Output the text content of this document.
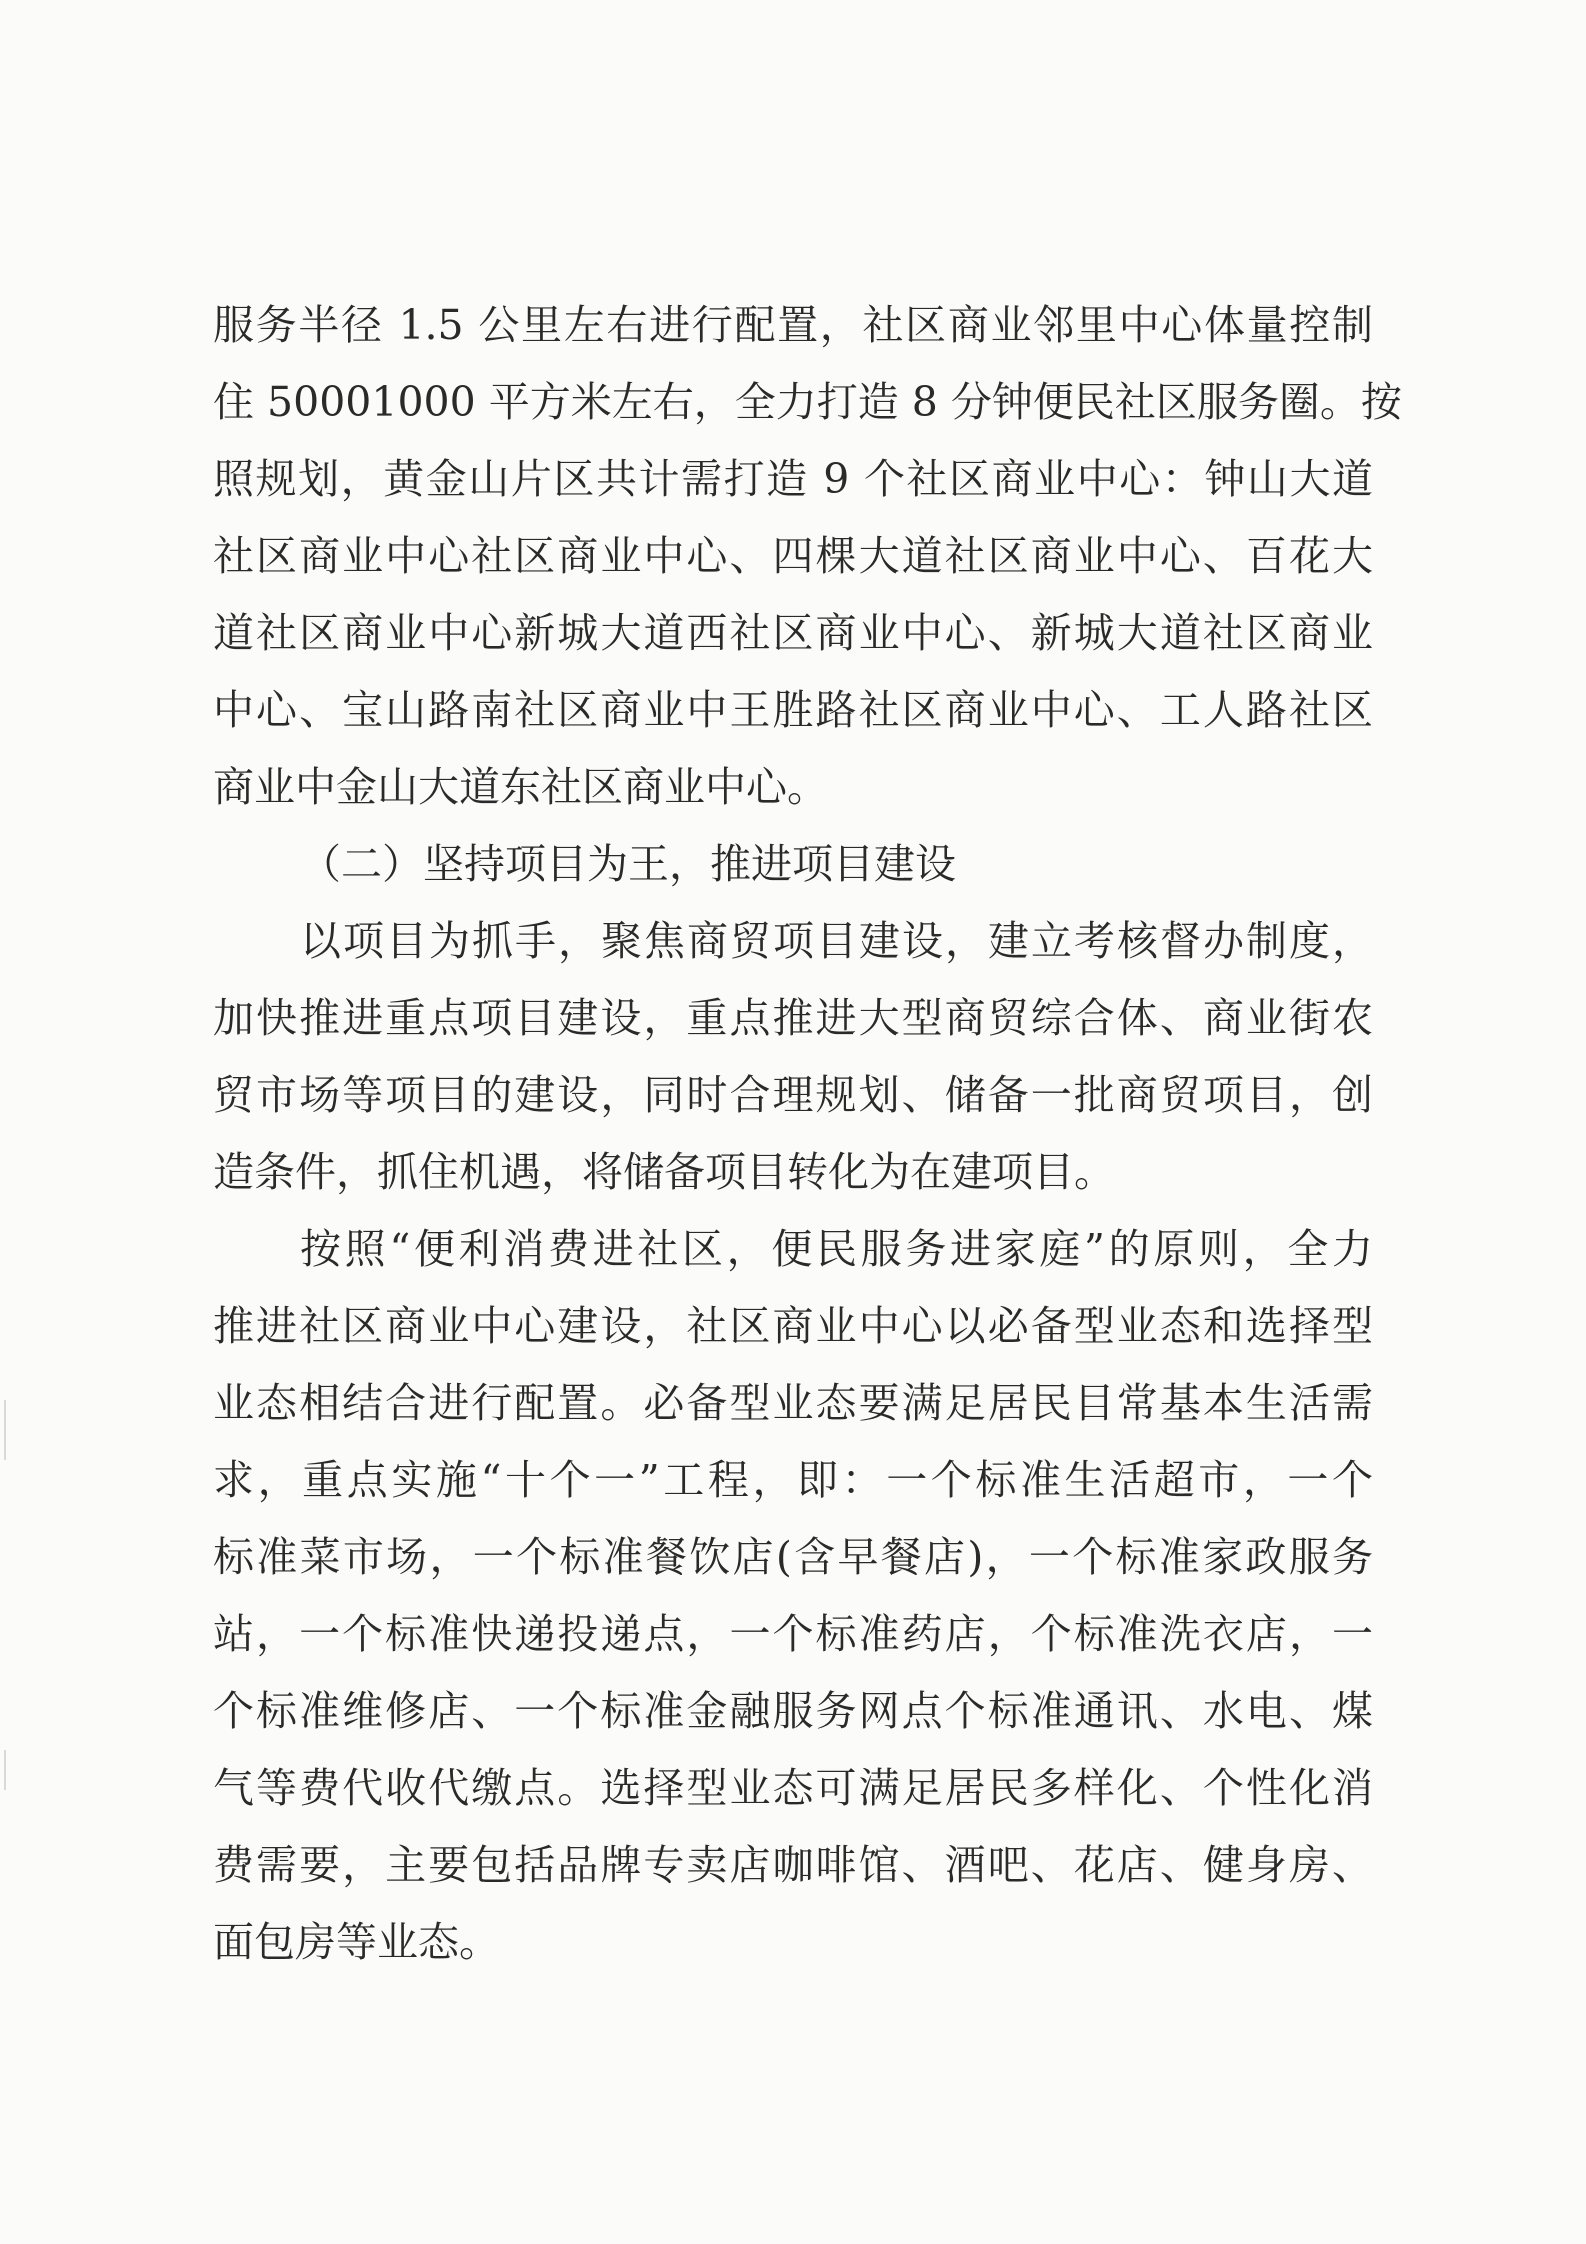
服务半径 1.5 公里左右进行配置，社区商业邻里中心体量控制
住 50001000 平方米左右，全力打造 8 分钟便民社区服务圈。按
照规划，黄金山片区共计需打造 9 个社区商业中心：钟山大道
社区商业中心社区商业中心、四棵大道社区商业中心、百花大
道社区商业中心新城大道西社区商业中心、新城大道社区商业
中心、宝山路南社区商业中王胜路社区商业中心、工人路社区
商业中金山大道东社区商业中心。
（二）坚持项目为王，推进项目建设
以项目为抓手，聚焦商贸项目建设，建立考核督办制度，
加快推进重点项目建设，重点推进大型商贸综合体、商业街农
贸市场等项目的建设，同时合理规划、储备一批商贸项目，创
造条件，抓住机遇，将储备项目转化为在建项目。
按照“便利消费进社区，便民服务进家庭”的原则，全力
推进社区商业中心建设，社区商业中心以必备型业态和选择型
业态相结合进行配置。必备型业态要满足居民目常基本生活需
求，重点实施“十个一”工程，即：一个标准生活超市，一个
标准菜市场，一个标准餐饮店(含早餐店)，一个标准家政服务
站，一个标准快递投递点，一个标准药店，个标准洗衣店，一
个标准维修店、一个标准金融服务网点个标准通讯、水电、煤
气等费代收代缴点。选择型业态可满足居民多样化、个性化消
费需要，主要包括品牌专卖店咖啡馆、酒吧、花店、健身房、
面包房等业态。
